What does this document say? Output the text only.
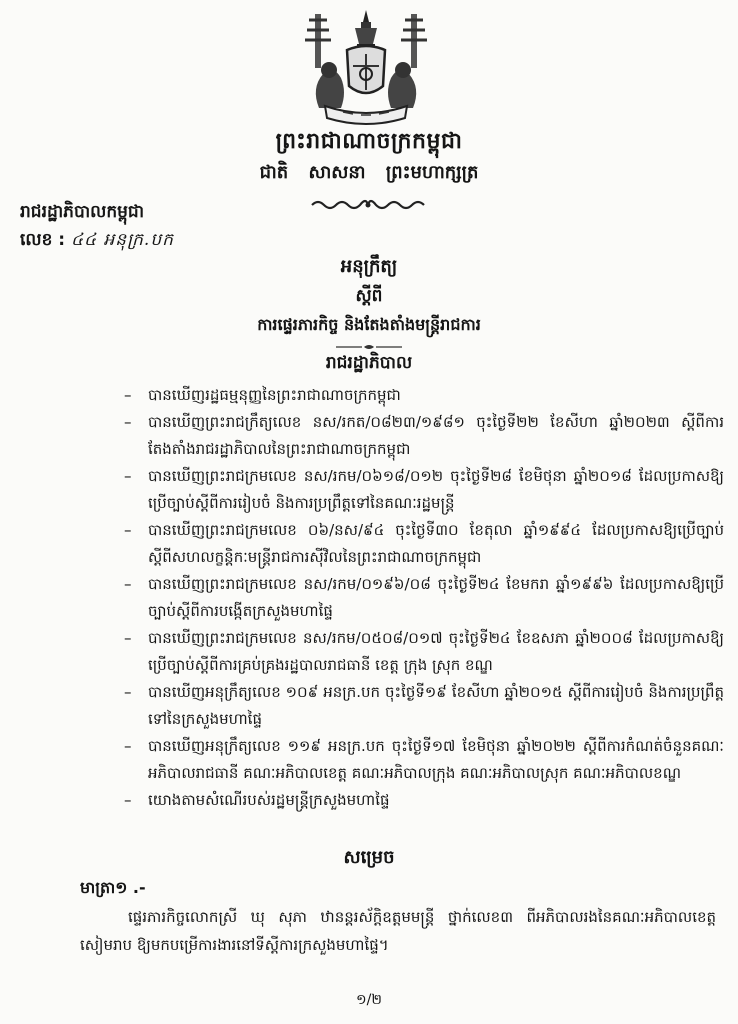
ព្រះរាជាណាចក្រកម្ពុជា
ជាតិ សាសនា ព្រះមហាក្សត្រ
រាជរដ្ឋាភិបាលកម្ពុជា
លេខ : ៤៤ អនុក្រ.បក
អនុក្រឹត្យ
ស្ដីពី
ការផ្ទេរភារកិច្ច និងតែងតាំងមន្ត្រីរាជការ
រាជរដ្ឋាភិបាល
– បានឃើញរដ្ឋធម្មនុញ្ញនៃព្រះរាជាណាចក្រកម្ពុជា
– បានឃើញព្រះរាជក្រឹត្យលេខ នស/រកត/០៨២៣/១៩៨១ ចុះថ្ងៃទី២២ ខែសីហា ឆ្នាំ២០២៣ ស្ដីពីការតែងតាំងរាជរដ្ឋាភិបាលនៃព្រះរាជាណាចក្រកម្ពុជា
– បានឃើញព្រះរាជក្រមលេខ នស/រកម/០៦១៨/០១២ ចុះថ្ងៃទី២៨ ខែមិថុនា ឆ្នាំ២០១៨ ដែលប្រកាសឱ្យប្រើច្បាប់ស្ដីពីការរៀបចំ និងការប្រព្រឹត្តទៅនៃគណៈរដ្ឋមន្ត្រី
– បានឃើញព្រះរាជក្រមលេខ ០៦/នស/៩៤ ចុះថ្ងៃទី៣០ ខែតុលា ឆ្នាំ១៩៩៤ ដែលប្រកាសឱ្យប្រើច្បាប់ស្ដីពីសហលក្ខន្តិកៈមន្ត្រីរាជការស៊ីវិលនៃព្រះរាជាណាចក្រកម្ពុជា
– បានឃើញព្រះរាជក្រមលេខ នស/រកម/០១៩៦/០៨ ចុះថ្ងៃទី២៤ ខែមករា ឆ្នាំ១៩៩៦ ដែលប្រកាសឱ្យប្រើច្បាប់ស្ដីពីការបង្កើតក្រសួងមហាផ្ទៃ
– បានឃើញព្រះរាជក្រមលេខ នស/រកម/០៥០៨/០១៧ ចុះថ្ងៃទី២៤ ខែឧសភា ឆ្នាំ២០០៨ ដែលប្រកាសឱ្យប្រើច្បាប់ស្ដីពីការគ្រប់គ្រងរដ្ឋបាលរាជធានី ខេត្ត ក្រុង ស្រុក ខណ្ឌ
– បានឃើញអនុក្រឹត្យលេខ ១០៩ អនក្រ.បក ចុះថ្ងៃទី១៩ ខែសីហា ឆ្នាំ២០១៥ ស្ដីពីការរៀបចំ និងការប្រព្រឹត្តទៅនៃក្រសួងមហាផ្ទៃ
– បានឃើញអនុក្រឹត្យលេខ ១១៩ អនក្រ.បក ចុះថ្ងៃទី១៧ ខែមិថុនា ឆ្នាំ២០២២ ស្ដីពីការកំណត់ចំនួនគណៈអភិបាលរាជធានី គណៈអភិបាលខេត្ត គណៈអភិបាលក្រុង គណៈអភិបាលស្រុក គណៈអភិបាលខណ្ឌ
– យោងតាមសំណើរបស់រដ្ឋមន្ត្រីក្រសួងមហាផ្ទៃ
សម្រេច
មាត្រា១ .-
ផ្ទេរភារកិច្ចលោកស្រី ឃុ សុភា ឋានន្តរស័ក្ដិឧត្តមមន្ត្រី ថ្នាក់លេខ៣ ពីអភិបាលរងនៃគណៈអភិបាលខេត្តសៀមរាប ឱ្យមកបម្រើការងារនៅទីស្ដីការក្រសួងមហាផ្ទៃ។
១/២
